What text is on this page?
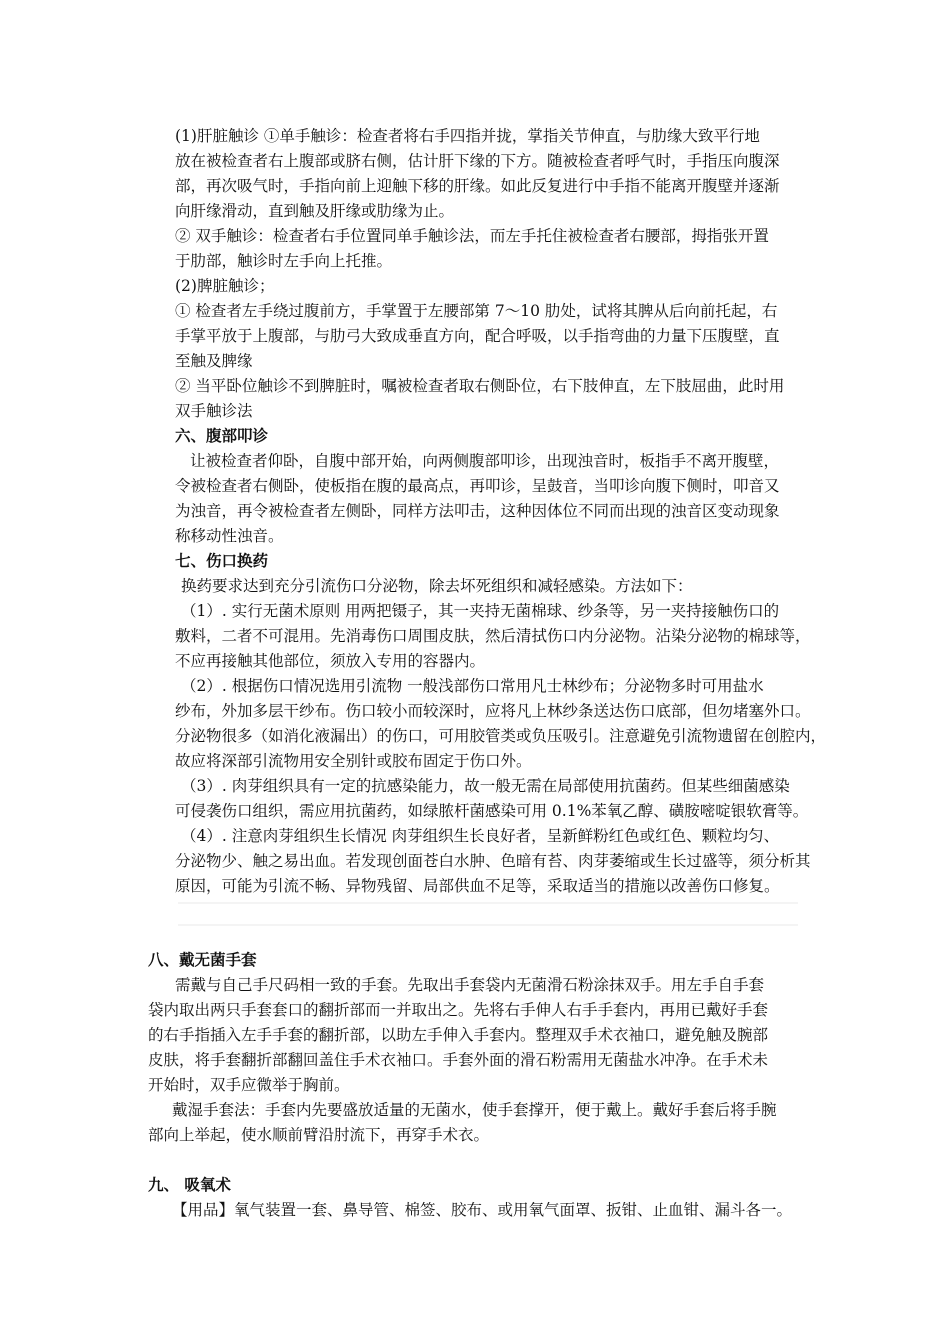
(1)肝脏触诊 ①单手触诊：检查者将右手四指并拢，掌指关节伸直，与肋缘大致平行地
放在被检查者右上腹部或脐右侧，估计肝下缘的下方。随被检查者呼气时，手指压向腹深
部，再次吸气时，手指向前上迎触下移的肝缘。如此反复进行中手指不能离开腹壁并逐渐
向肝缘滑动，直到触及肝缘或肋缘为止。
② 双手触诊：检查者右手位置同单手触诊法，而左手托住被检查者右腰部，拇指张开置
于肋部，触诊时左手向上托推。
(2)脾脏触诊；
① 检查者左手绕过腹前方，手掌置于左腰部第 7～10 肋处，试将其脾从后向前托起，右
手掌平放于上腹部，与肋弓大致成垂直方向，配合呼吸，以手指弯曲的力量下压腹壁，直
至触及脾缘
② 当平卧位触诊不到脾脏时，嘱被检查者取右侧卧位，右下肢伸直，左下肢屈曲，此时用
双手触诊法
让被检查者仰卧，自腹中部开始，向两侧腹部叩诊，出现浊音时，板指手不离开腹壁，
令被检查者右侧卧，使板指在腹的最高点，再叩诊，呈鼓音，当叩诊向腹下侧时，叩音又
为浊音，再令被检查者左侧卧，同样方法叩击，这种因体位不同而出现的浊音区变动现象
称移动性浊音。
换药要求达到充分引流伤口分泌物，除去坏死组织和减轻感染。方法如下：
（1）. 实行无菌术原则 用两把镊子，其一夹持无菌棉球、纱条等，另一夹持接触伤口的
敷料，二者不可混用。先消毒伤口周围皮肤，然后清拭伤口内分泌物。沾染分泌物的棉球等，
不应再接触其他部位，须放入专用的容器内。
（2）. 根据伤口情况选用引流物 一般浅部伤口常用凡士林纱布；分泌物多时可用盐水
纱布，外加多层干纱布。伤口较小而较深时，应将凡上林纱条送达伤口底部，但勿堵塞外口。
分泌物很多（如消化液漏出）的伤口，可用胶管类或负压吸引。注意避免引流物遗留在创腔内，
故应将深部引流物用安全别针或胶布固定于伤口外。
（3）. 肉芽组织具有一定的抗感染能力，故一般无需在局部使用抗菌药。但某些细菌感染
可侵袭伤口组织，需应用抗菌药，如绿脓杆菌感染可用 0.1%苯氧乙醇、磺胺嘧啶银软膏等。
（4）. 注意肉芽组织生长情况 肉芽组织生长良好者，呈新鲜粉红色或红色、颗粒均匀、
分泌物少、触之易出血。若发现创面苍白水肿、色暗有苔、肉芽萎缩或生长过盛等，须分析其
原因，可能为引流不畅、异物残留、局部供血不足等，采取适当的措施以改善伤口修复。
需戴与自己手尺码相一致的手套。先取出手套袋内无菌滑石粉涂抹双手。用左手自手套
袋内取出两只手套套口的翻折部而一并取出之。先将右手伸人右手手套内，再用已戴好手套
的右手指插入左手手套的翻折部，以助左手伸入手套内。整理双手术衣袖口，避免触及腕部
皮肤，将手套翻折部翻回盖住手术衣袖口。手套外面的滑石粉需用无菌盐水冲净。在手术未
开始时，双手应微举于胸前。
戴湿手套法：手套内先要盛放适量的无菌水，使手套撑开，便于戴上。戴好手套后将手腕
部向上举起，使水顺前臂沿肘流下，再穿手术衣。
【用品】氧气装置一套、鼻导管、棉签、胶布、或用氧气面罩、扳钳、止血钳、漏斗各一。
六、腹部叩诊
七、伤口换药
八、戴无菌手套
九、 吸氧术
